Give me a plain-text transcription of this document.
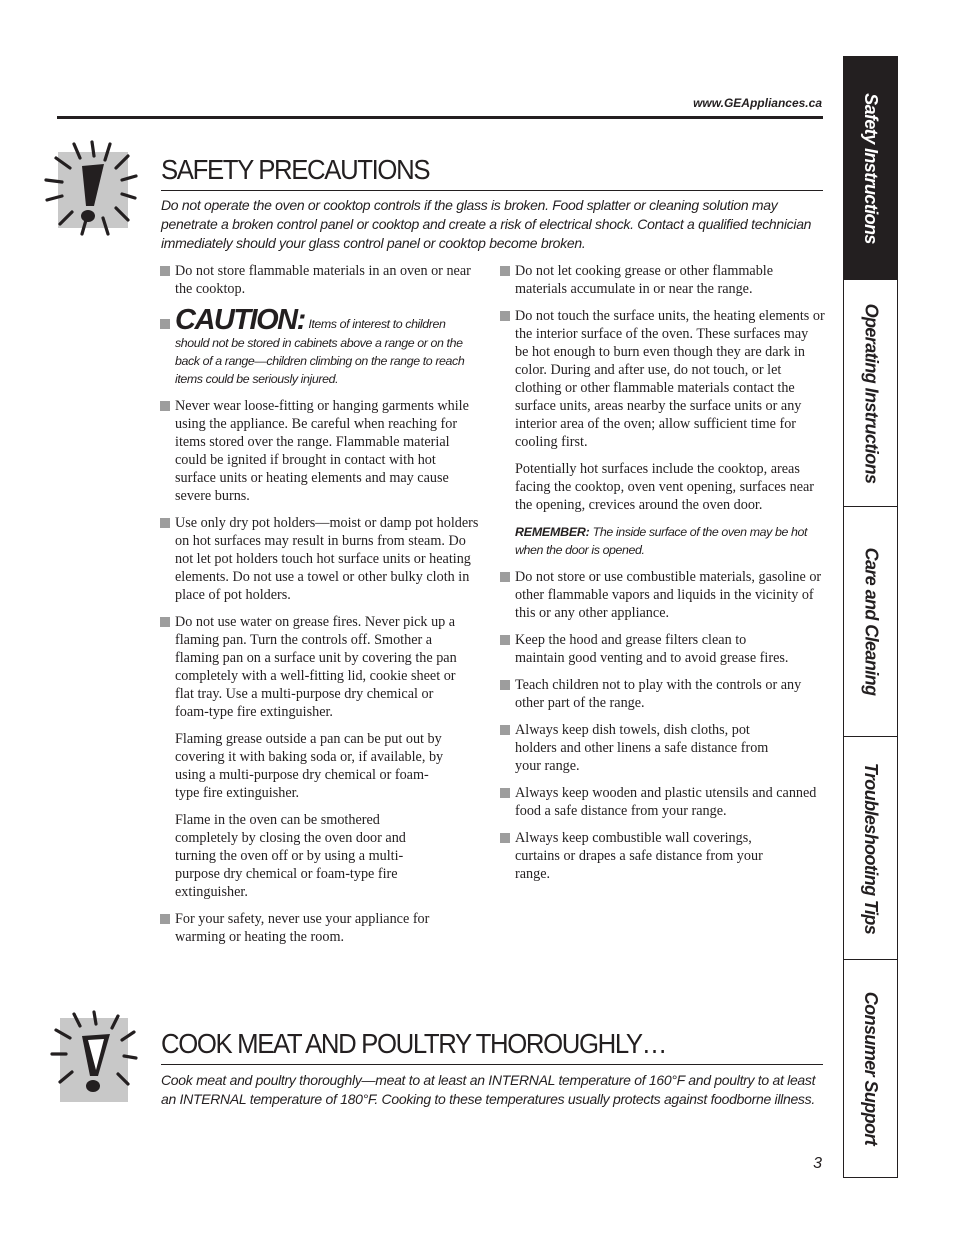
www.GEAppliances.ca
SAFETY PRECAUTIONS

Do not operate the oven or cooktop controls if the glass is broken. Food splatter or cleaning solution may penetrate a broken control panel or cooktop and create a risk of electrical shock. Contact a qualified technician immediately should your glass control panel or cooktop become broken.

Do not store flammable materials in an oven or near the cooktop.
CAUTION: Items of interest to children should not be stored in cabinets above a range or on the back of a range—children climbing on the range to reach items could be seriously injured.
Never wear loose-fitting or hanging garments while using the appliance. Be careful when reaching for items stored over the range. Flammable material could be ignited if brought in contact with hot surface units or heating elements and may cause severe burns.
Use only dry pot holders—moist or damp pot holders on hot surfaces may result in burns from steam. Do not let pot holders touch hot surface units or heating elements. Do not use a towel or other bulky cloth in place of pot holders.
Do not use water on grease fires. Never pick up a flaming pan. Turn the controls off. Smother a flaming pan on a surface unit by covering the pan completely with a well-fitting lid, cookie sheet or flat tray. Use a multi-purpose dry chemical or foam-type fire extinguisher.

Flaming grease outside a pan can be put out by covering it with baking soda or, if available, by using a multi-purpose dry chemical or foam-type fire extinguisher.

Flame in the oven can be smothered completely by closing the oven door and turning the oven off or by using a multi-purpose dry chemical or foam-type fire extinguisher.

For your safety, never use your appliance for warming or heating the room.
Do not let cooking grease or other flammable materials accumulate in or near the range.
Do not touch the surface units, the heating elements or the interior surface of the oven. These surfaces may be hot enough to burn even though they are dark in color. During and after use, do not touch, or let clothing or other flammable materials contact the surface units, areas nearby the surface units or any interior area of the oven; allow sufficient time for cooling first.

Potentially hot surfaces include the cooktop, areas facing the cooktop, oven vent opening, surfaces near the opening, crevices around the oven door.

REMEMBER: The inside surface of the oven may be hot when the door is opened.

Do not store or use combustible materials, gasoline or other flammable vapors and liquids in the vicinity of this or any other appliance.
Keep the hood and grease filters clean to maintain good venting and to avoid grease fires.
Teach children not to play with the controls or any other part of the range.
Always keep dish towels, dish cloths, pot holders and other linens a safe distance from your range.
Always keep wooden and plastic utensils and canned food a safe distance from your range.
Always keep combustible wall coverings, curtains or drapes a safe distance from your range.
COOK MEAT AND POULTRY THOROUGHLY…

Cook meat and poultry thoroughly—meat to at least an INTERNAL temperature of 160°F and poultry to at least an INTERNAL temperature of 180°F. Cooking to these temperatures usually protects against foodborne illness.

Safety Instructions
Operating Instructions
Care and Cleaning
Troubleshooting Tips
Consumer Support
3
